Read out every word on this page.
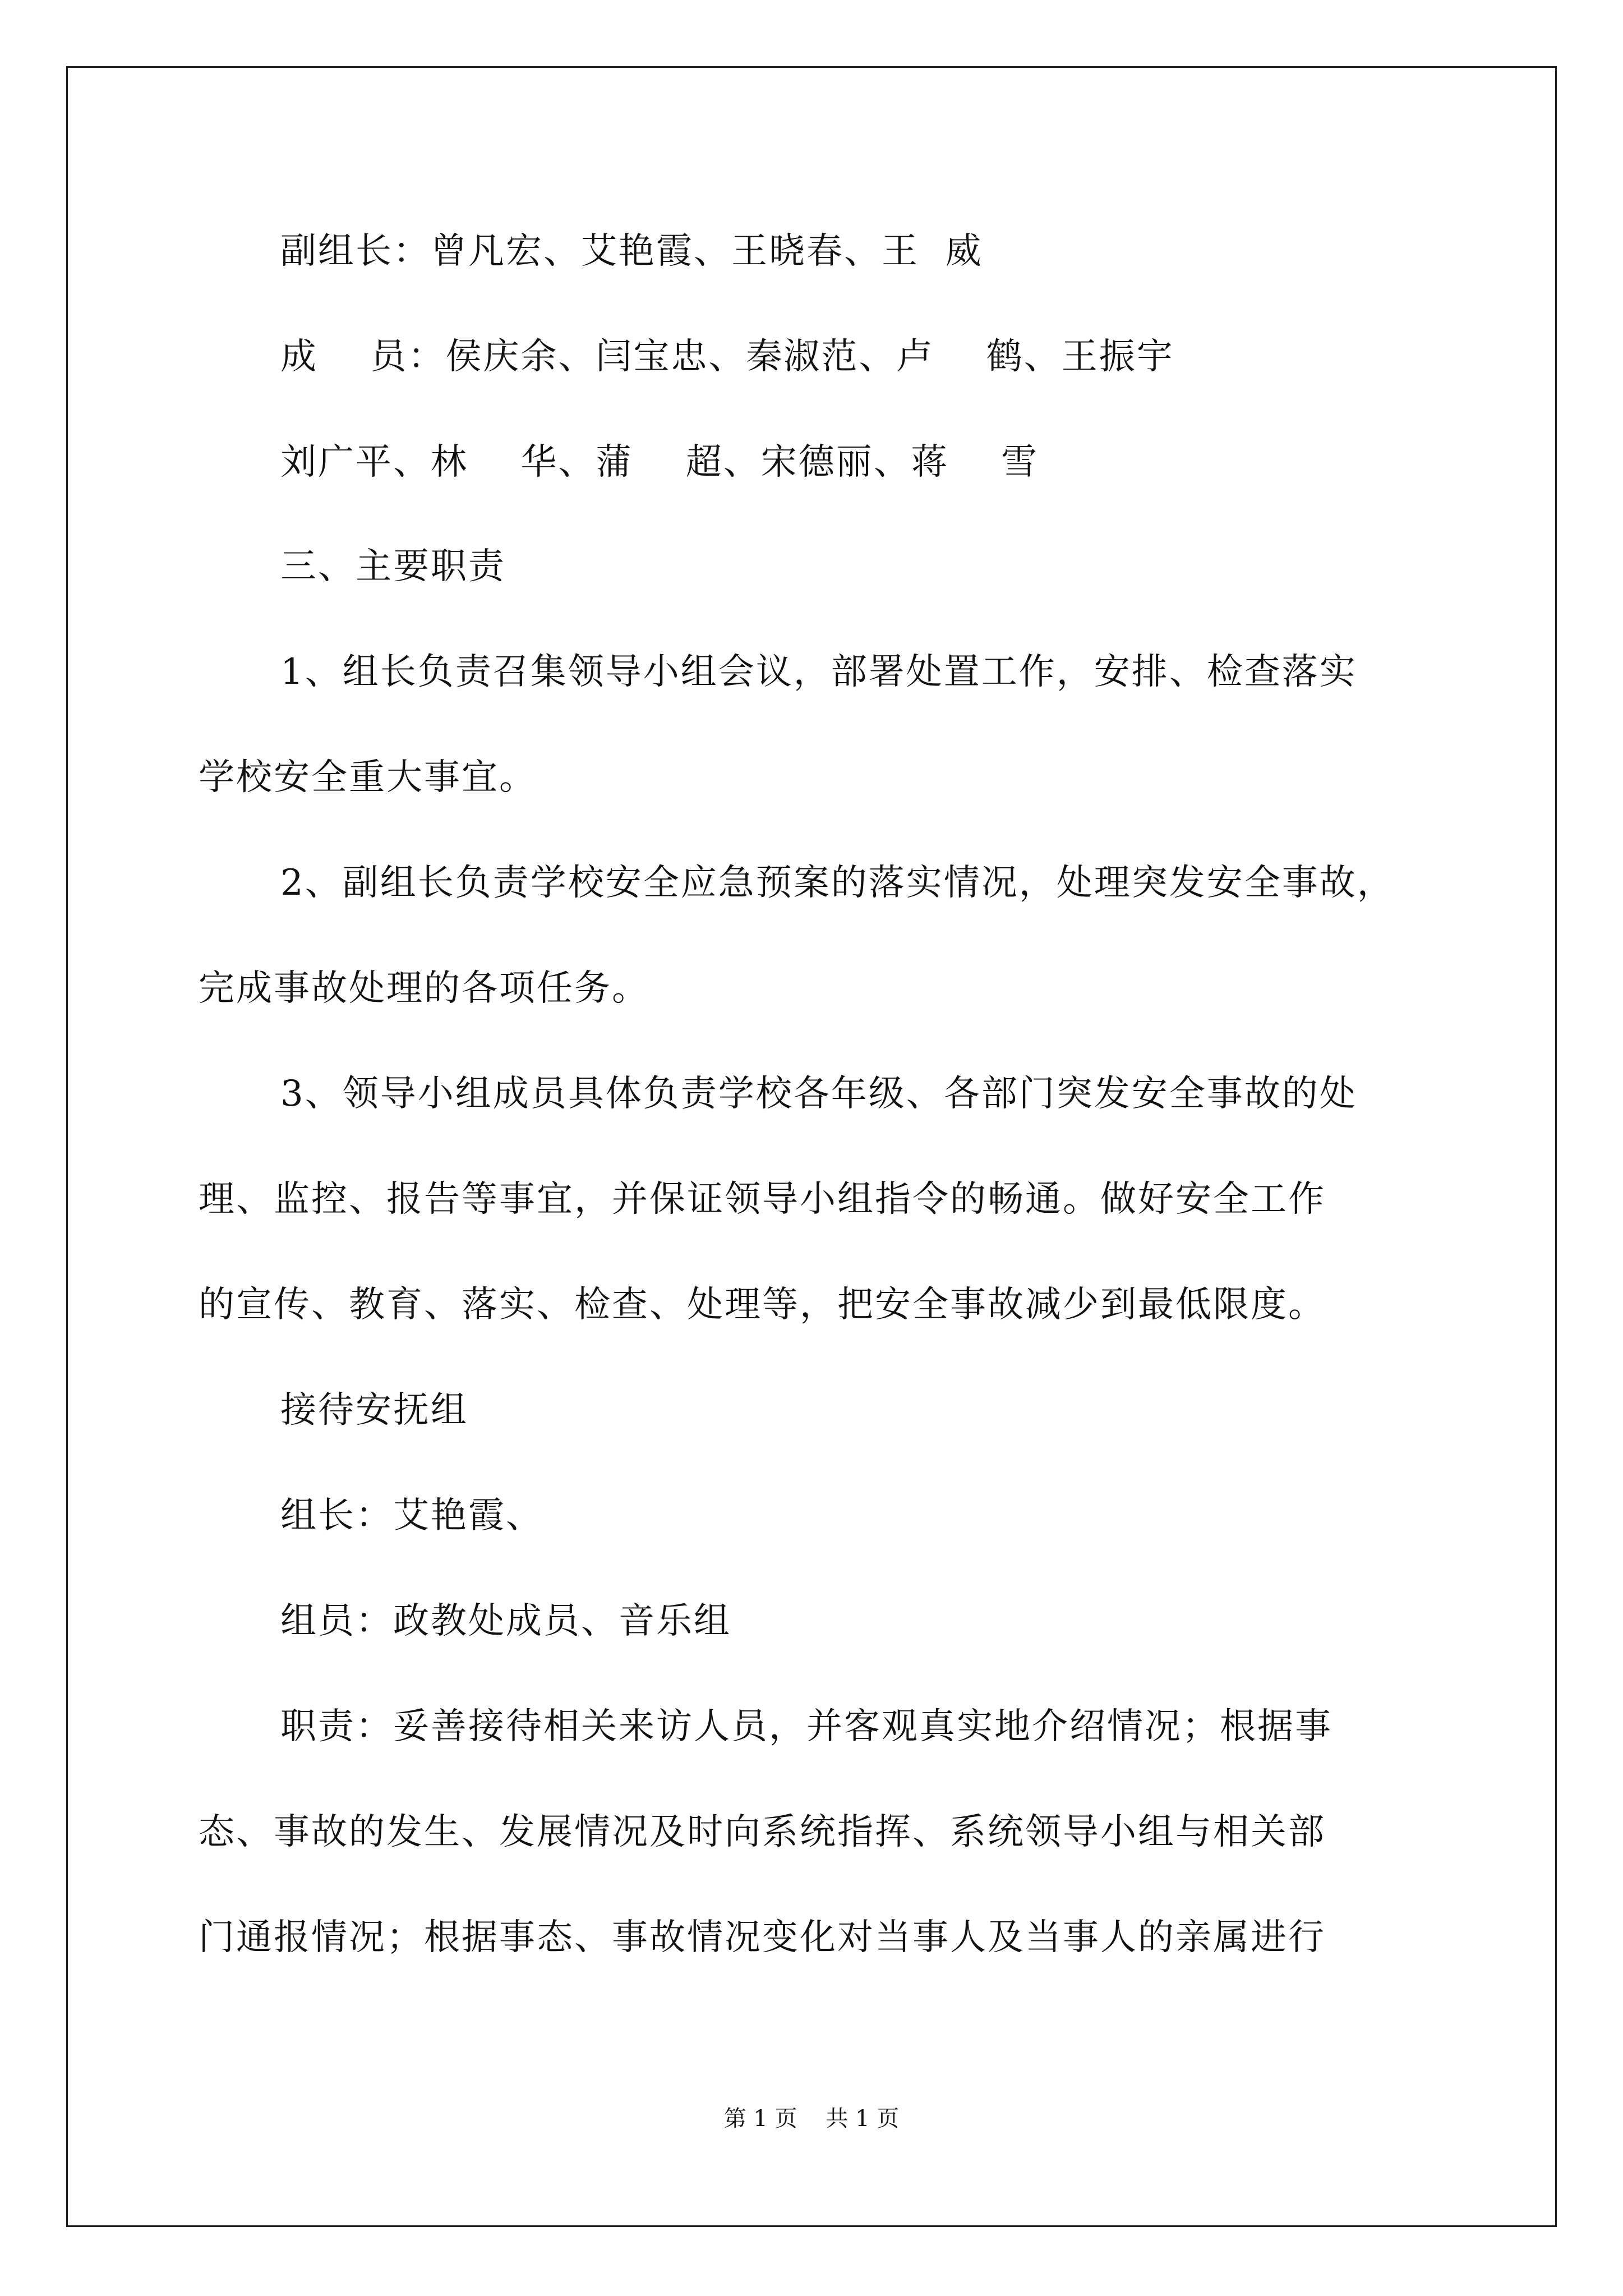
副组长：曾凡宏、艾艳霞、王晓春、王  威

成    员：侯庆余、闫宝忠、秦淑范、卢    鹤、王振宇

刘广平、林    华、蒲    超、宋德丽、蒋    雪

三、主要职责

1、组长负责召集领导小组会议，部署处置工作，安排、检查落实

学校安全重大事宜。

2、副组长负责学校安全应急预案的落实情况，处理突发安全事故，

完成事故处理的各项任务。

3、领导小组成员具体负责学校各年级、各部门突发安全事故的处

理、监控、报告等事宜，并保证领导小组指令的畅通。做好安全工作

的宣传、教育、落实、检查、处理等，把安全事故减少到最低限度。

接待安抚组

组长：艾艳霞、

组员：政教处成员、音乐组

职责：妥善接待相关来访人员，并客观真实地介绍情况；根据事

态、事故的发生、发展情况及时向系统指挥、系统领导小组与相关部

门通报情况；根据事态、事故情况变化对当事人及当事人的亲属进行

第 1 页    共 1 页
